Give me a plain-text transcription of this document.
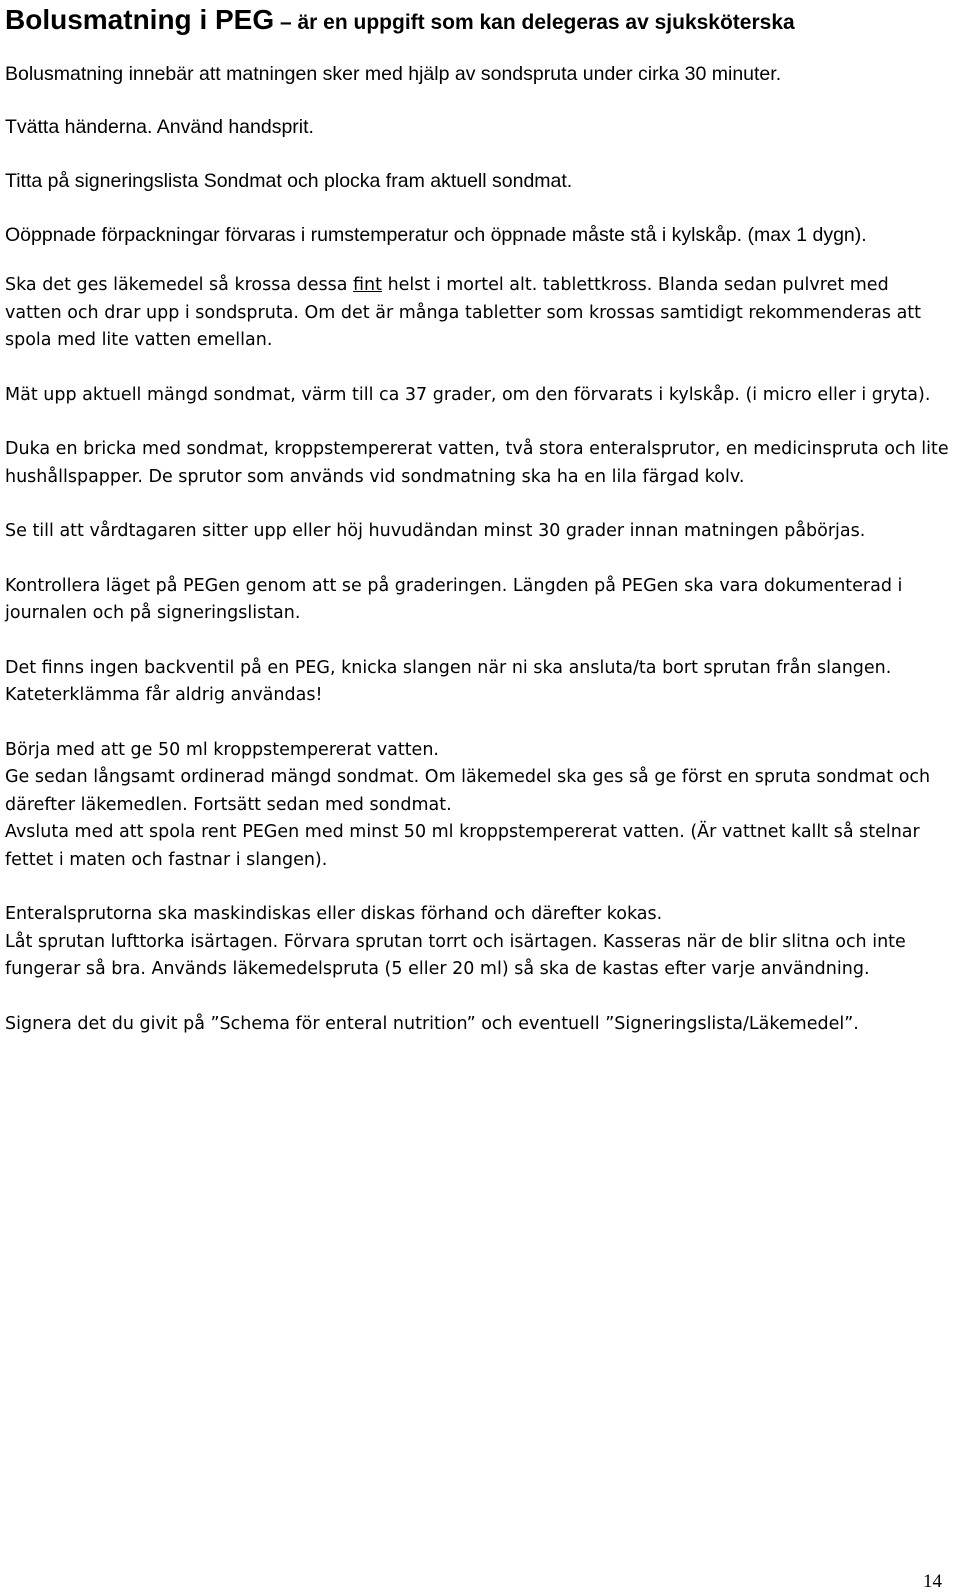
Bolusmatning i PEG – är en uppgift som kan delegeras av sjuksköterska

Bolusmatning innebär att matningen sker med hjälp av sondspruta under cirka 30 minuter.

Tvätta händerna. Använd handsprit.

Titta på signeringslista Sondmat och plocka fram aktuell sondmat.

Oöppnade förpackningar förvaras i rumstemperatur och öppnade måste stå i kylskåp. (max 1 dygn).

Ska det ges läkemedel så krossa dessa fint helst i mortel alt. tablettkross. Blanda sedan pulvret med vatten och drar upp i sondspruta. Om det är många tabletter som krossas samtidigt rekommenderas att spola med lite vatten emellan.

Mät upp aktuell mängd sondmat, värm till ca 37 grader, om den förvarats i kylskåp. (i micro eller i gryta).

Duka en bricka med sondmat, kroppstempererat vatten, två stora enteralsprutor, en medicinspruta och lite hushållspapper. De sprutor som används vid sondmatning ska ha en lila färgad kolv.

Se till att vårdtagaren sitter upp eller höj huvudändan minst 30 grader innan matningen påbörjas.

Kontrollera läget på PEGen genom att se på graderingen. Längden på PEGen ska vara dokumenterad i journalen och på signeringslistan.

Det finns ingen backventil på en PEG, knicka slangen när ni ska ansluta/ta bort sprutan från slangen. Kateterklämma får aldrig användas!

Börja med att ge 50 ml kroppstempererat vatten.
Ge sedan långsamt ordinerad mängd sondmat. Om läkemedel ska ges så ge först en spruta sondmat och därefter läkemedlen. Fortsätt sedan med sondmat.
Avsluta med att spola rent PEGen med minst 50 ml kroppstempererat vatten. (Är vattnet kallt så stelnar fettet i maten och fastnar i slangen).

Enteralsprutorna ska maskindiskas eller diskas förhand och därefter kokas.
Låt sprutan lufttorka isärtagen. Förvara sprutan torrt och isärtagen. Kasseras när de blir slitna och inte fungerar så bra. Används läkemedelspruta (5 eller 20 ml) så ska de kastas efter varje användning.

Signera det du givit på ”Schema för enteral nutrition” och eventuell ”Signeringslista/Läkemedel”.

14
